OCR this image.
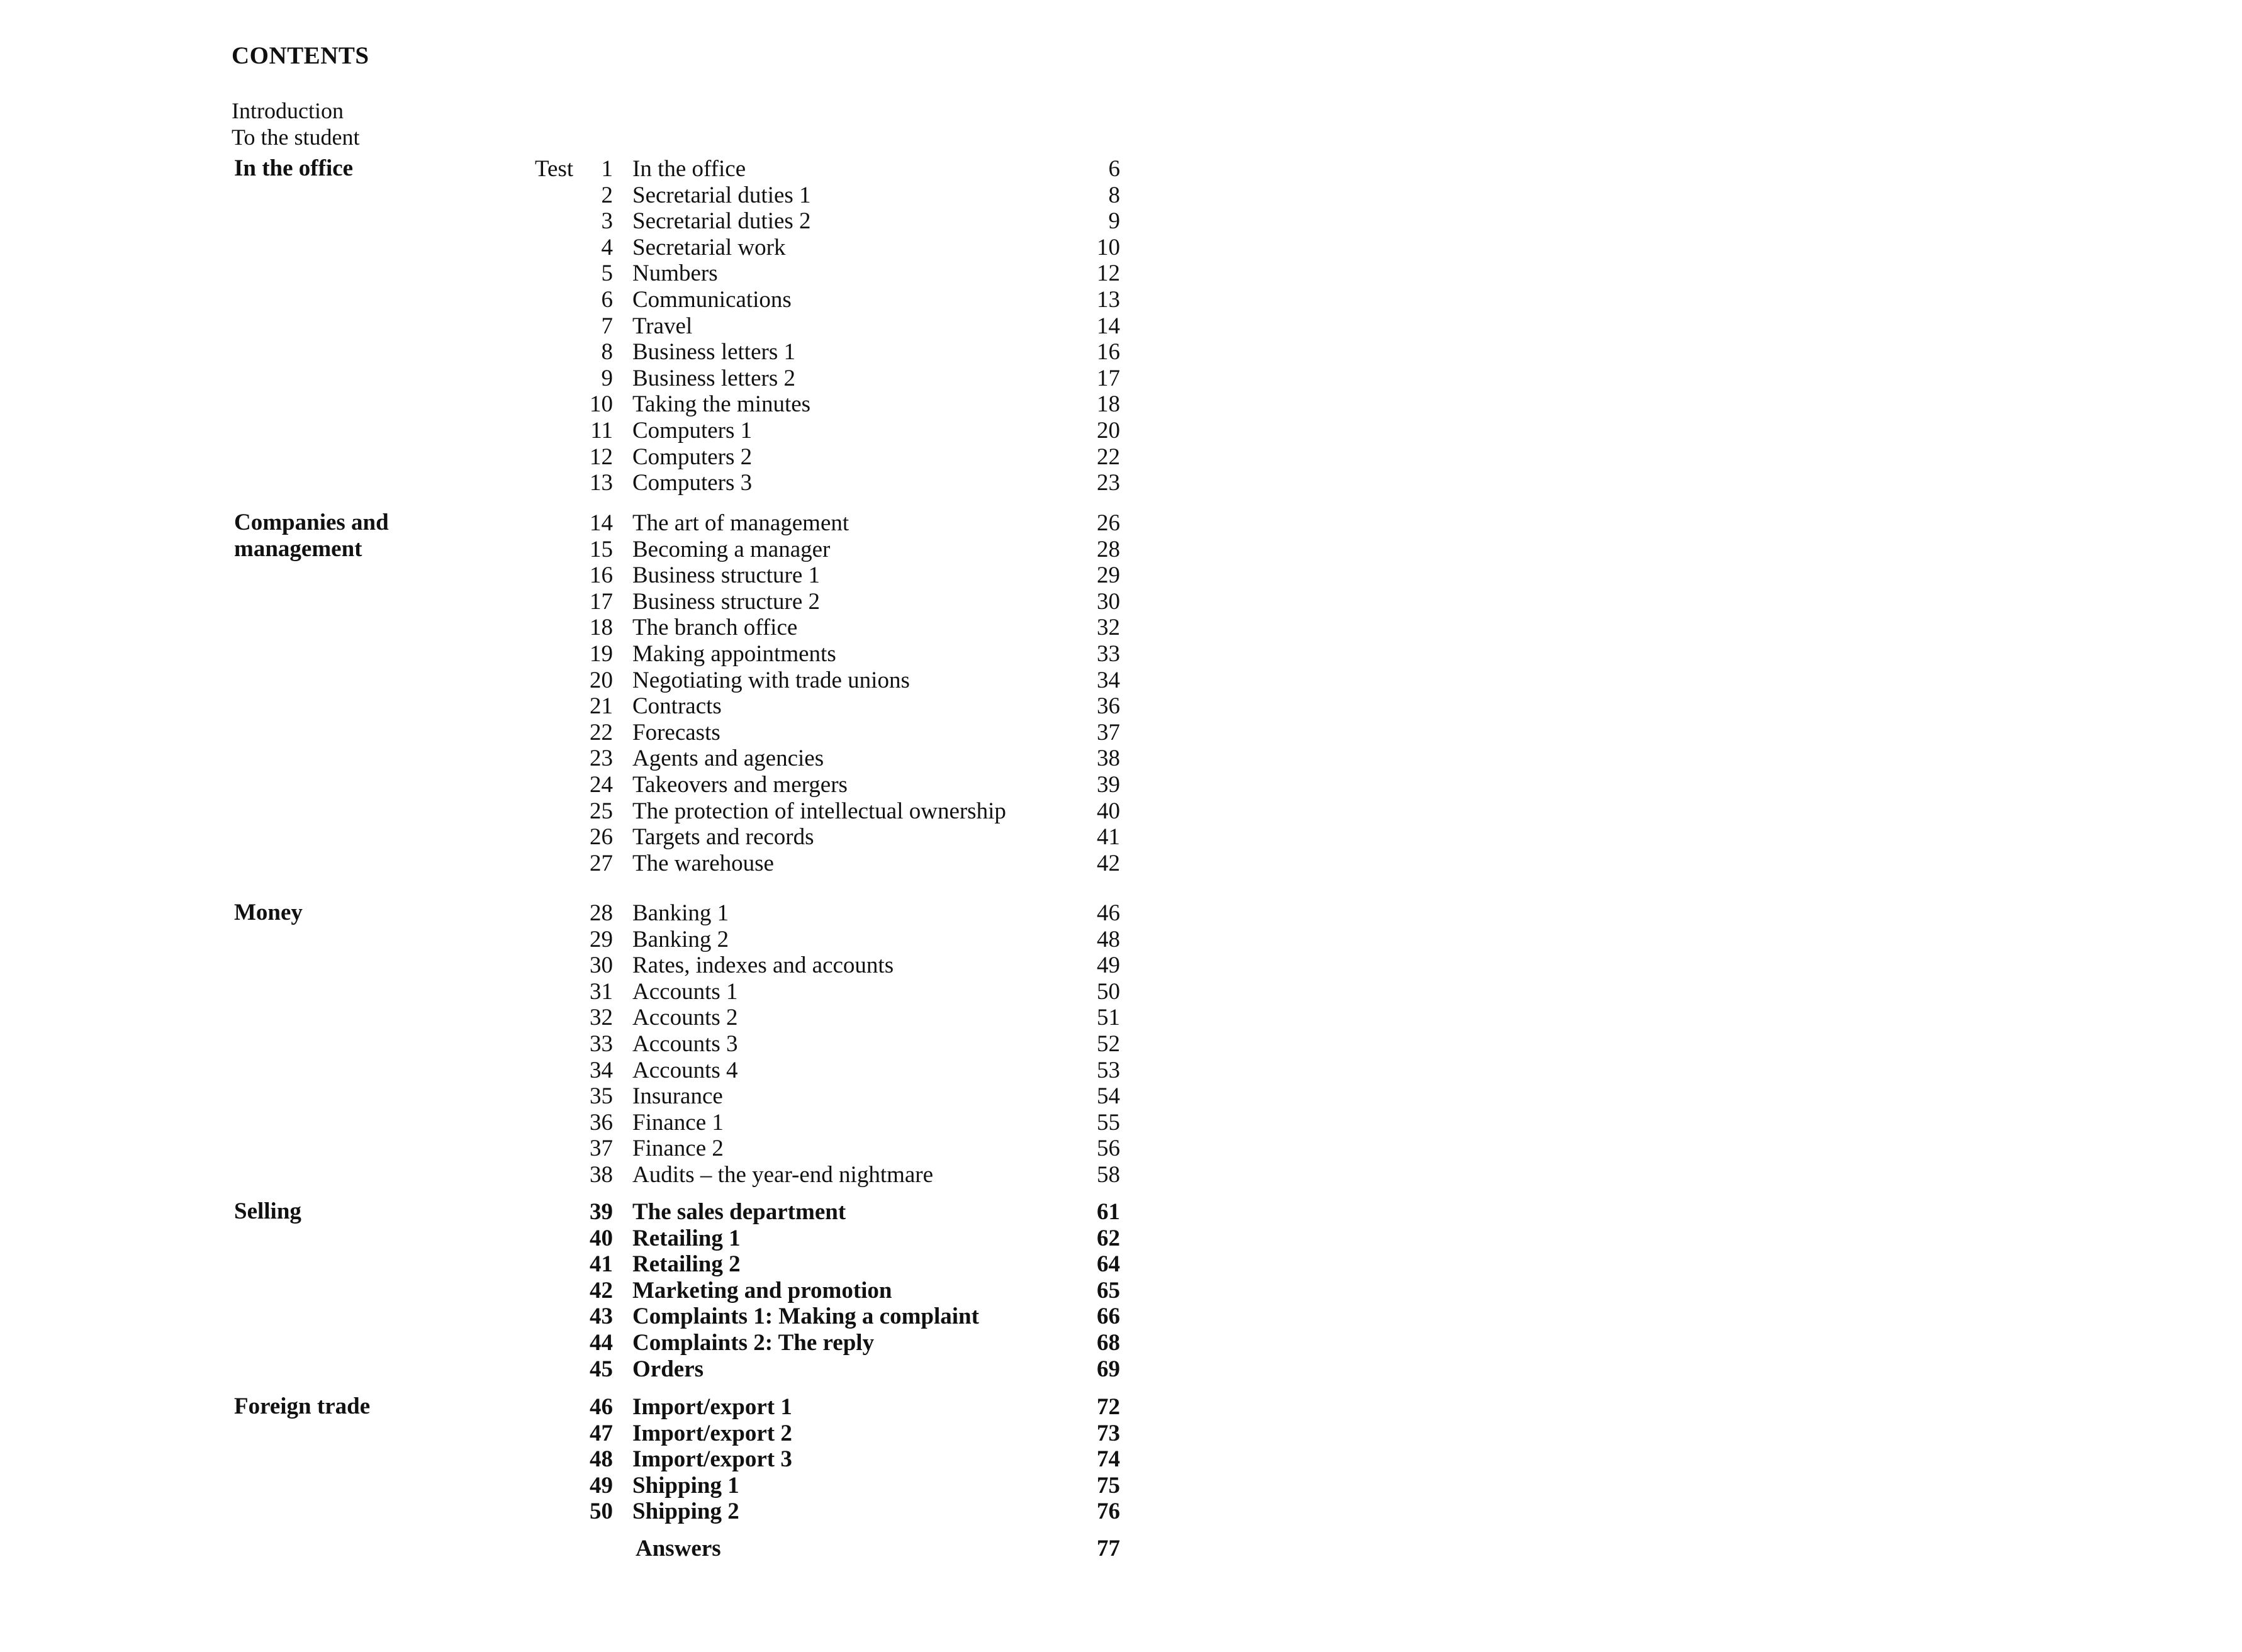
CONTENTS
Introduction
To the student
Test
In the office	1 In the office	6
2 Secretarial duties 1	8
3 Secretarial duties 2	9
4 Secretarial work	10
5 Numbers	12
6 Communications	13
7 Travel	14
8 Business letters 1	16
9 Business letters 2	17
10 Taking the minutes	18
11 Computers 1	20
12 Computers 2	22
13 Computers 3	23
Companies and
management
14 The art of management	26
15 Becoming a manager	28
16 Business structure 1	29
17 Business structure 2	30
18 The branch office	32
19 Making appointments	33
20 Negotiating with trade unions	34
21 Contracts	36
22 Forecasts	37
23 Agents and agencies	38
24 Takeovers and mergers	39
25 The protection of intellectual ownership	40
26 Targets and records	41
27 The warehouse	42
Money	28 Banking 1	46
29 Banking 2	48
30 Rates, indexes and accounts	49
31 Accounts 1	50
32 Accounts 2	51
33 Accounts 3	52
34 Accounts 4	53
35 Insurance	54
36 Finance 1	55
37 Finance 2	56
38 Audits – the year-end nightmare	58
Selling	39 The sales department	61
40 Retailing 1	62
41 Retailing 2	64
42 Marketing and promotion	65
43 Complaints 1: Making a complaint	66
44 Complaints 2: The reply	68
45 Orders	69
Foreign trade	46 Import/export 1	72
47 Import/export 2	73
48 Import/export 3	74
49 Shipping 1	75
50 Shipping 2	76
Answers	77
